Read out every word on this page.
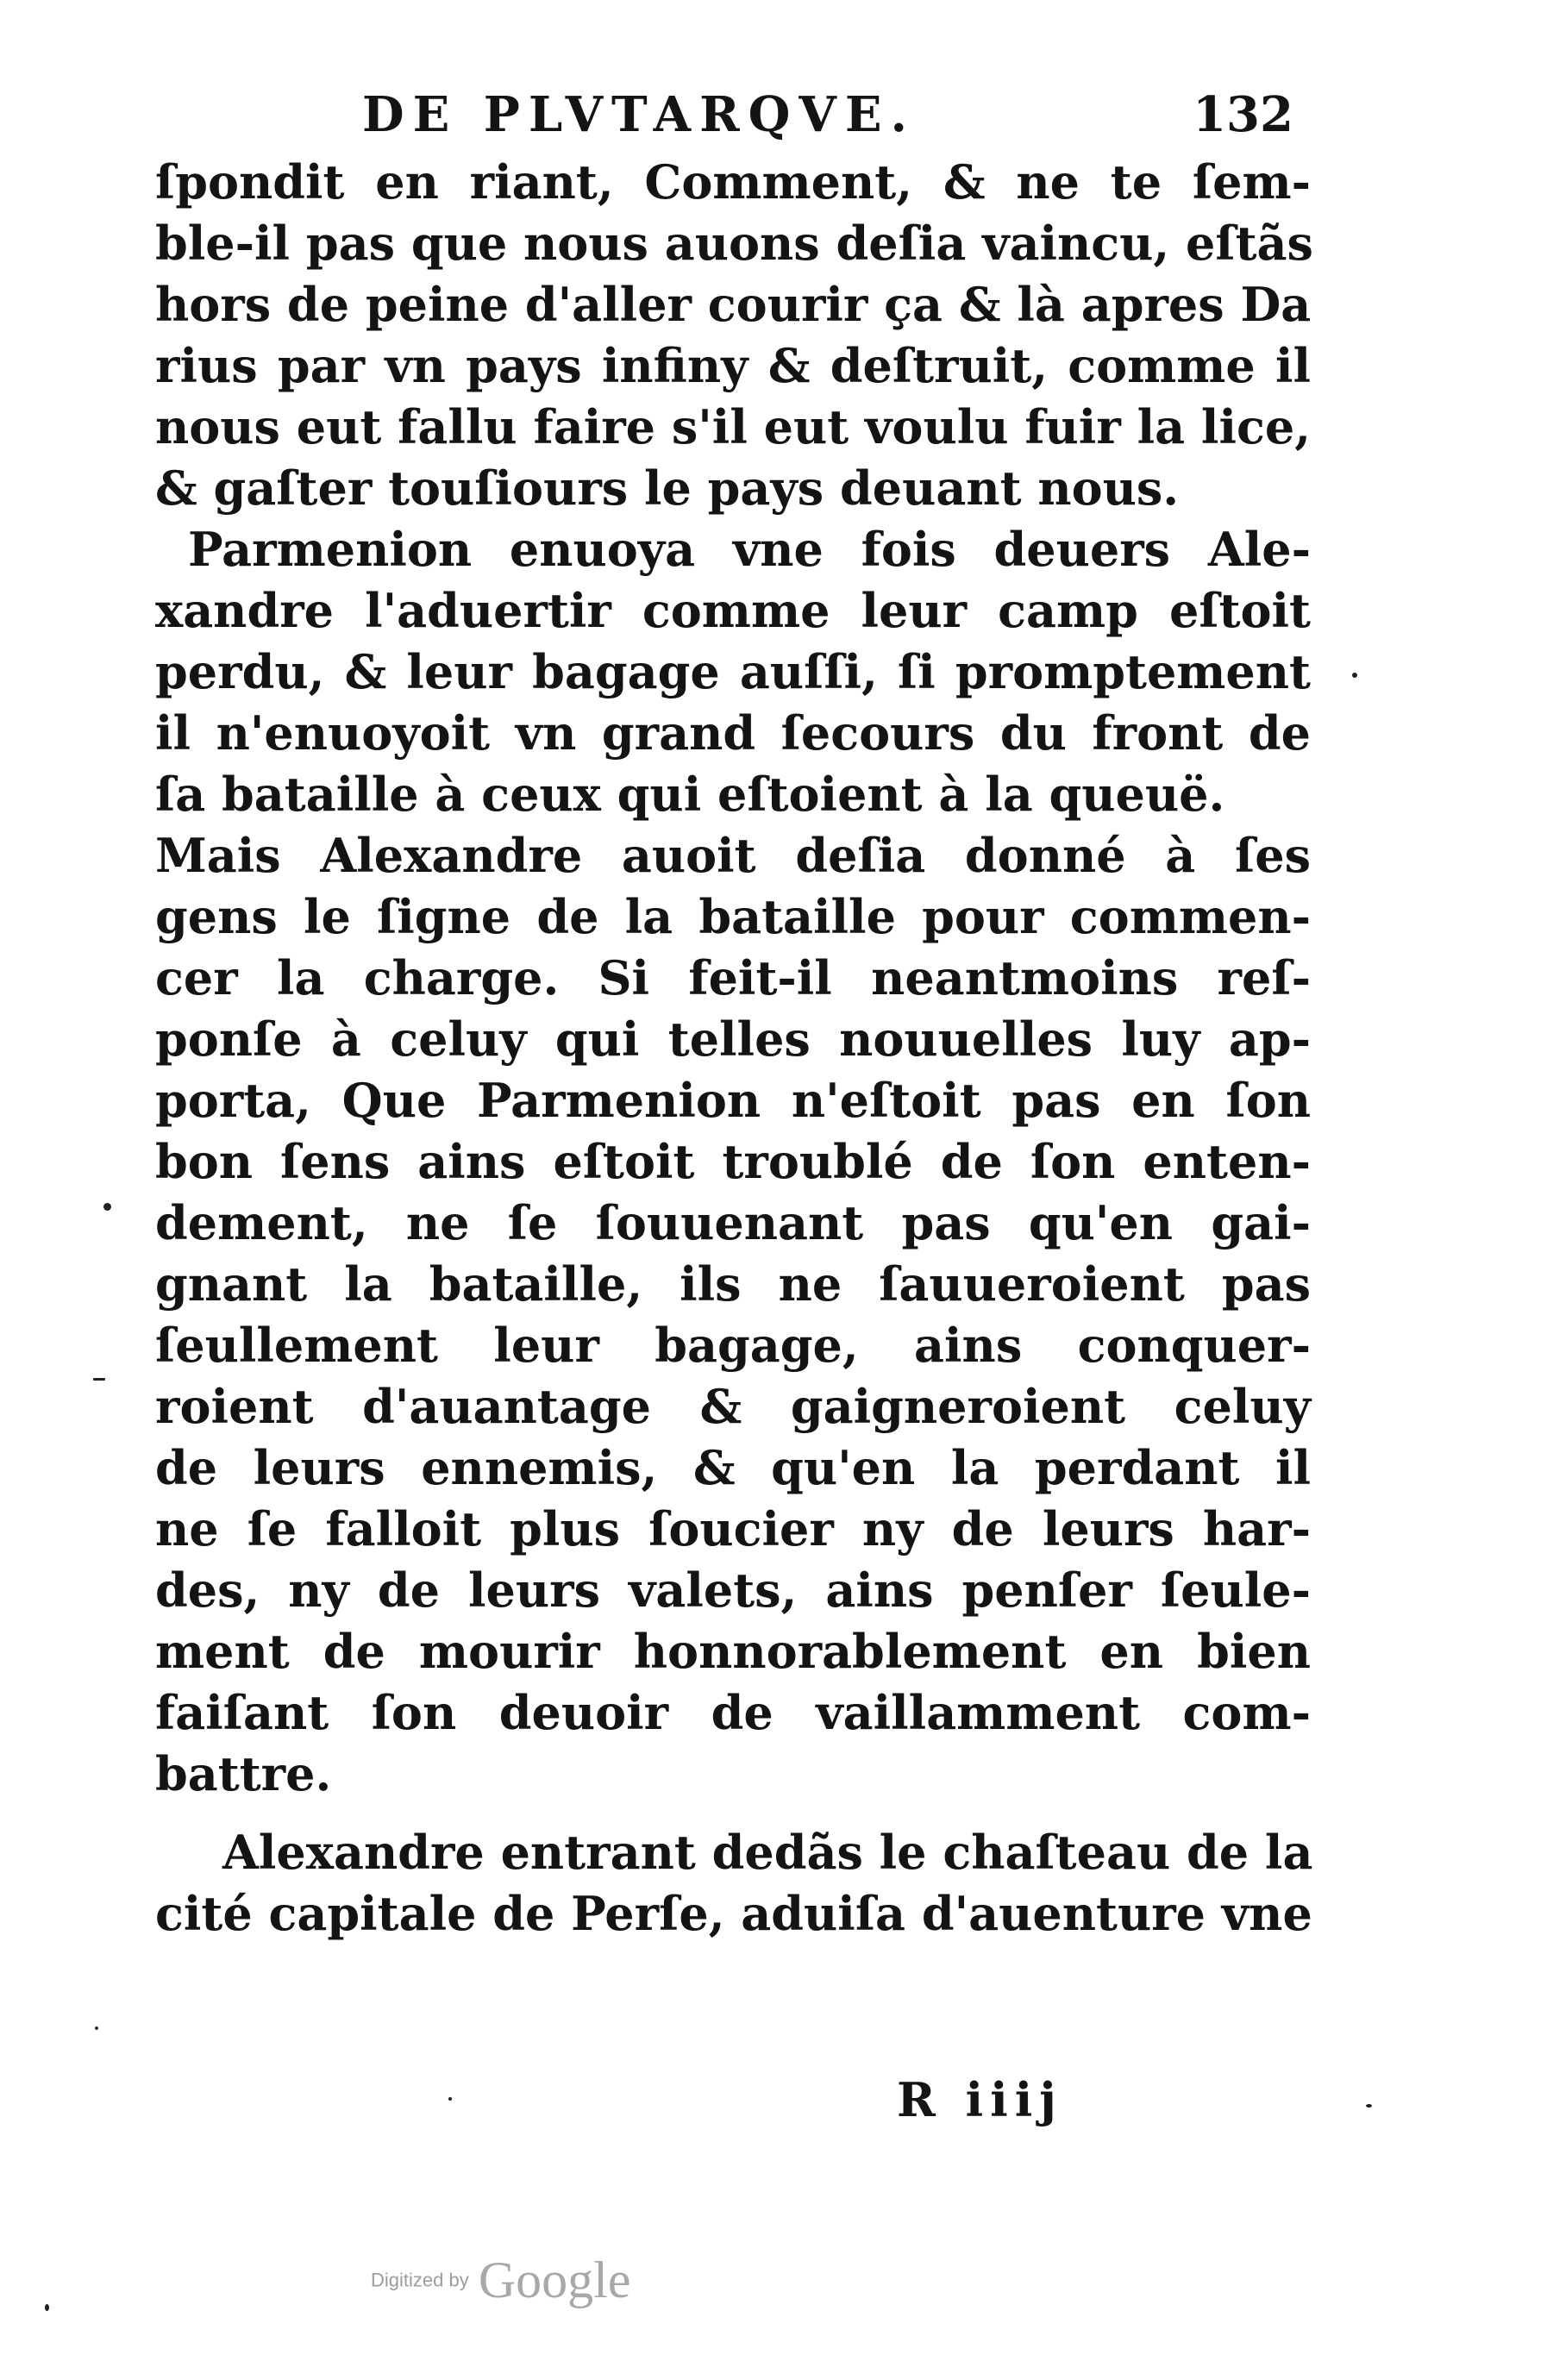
DE PLVTARQVE.	132
ſpondit en riant, Comment, & ne te ſem-
ble-il pas que nous auons deſia vaincu, eſtãs
hors de peine d'aller courir ça & là apres Da
rius par vn pays infiny & deſtruit, comme il
nous eut fallu faire s'il eut voulu fuir la lice,
& gaſter touſiours le pays deuant nous.
Parmenion enuoya vne fois deuers Ale-
xandre l'aduertir comme leur camp eſtoit
perdu, & leur bagage auſſi, ſi promptement
il n'enuoyoit vn grand ſecours du front de
ſa bataille à ceux qui eſtoient à la queuë.
Mais Alexandre auoit deſia donné à ſes
gens le ſigne de la bataille pour commen-
cer la charge. Si feit-il neantmoins reſ-
ponſe à celuy qui telles nouuelles luy ap-
porta, Que Parmenion n'eſtoit pas en ſon
bon ſens ains eſtoit troublé de ſon enten-
dement, ne ſe ſouuenant pas qu'en gai-
gnant la bataille, ils ne ſauueroient pas
ſeullement leur bagage, ains conquer-
roient d'auantage & gaigneroient celuy
de leurs ennemis, & qu'en la perdant il
ne ſe falloit plus ſoucier ny de leurs har-
des, ny de leurs valets, ains penſer ſeule-
ment de mourir honnorablement en bien
faiſant ſon deuoir de vaillamment com-
battre.
Alexandre entrant dedãs le chaſteau de la
cité capitale de Perſe, aduiſa d'auenture vne
R iiij
Digitized by Google
